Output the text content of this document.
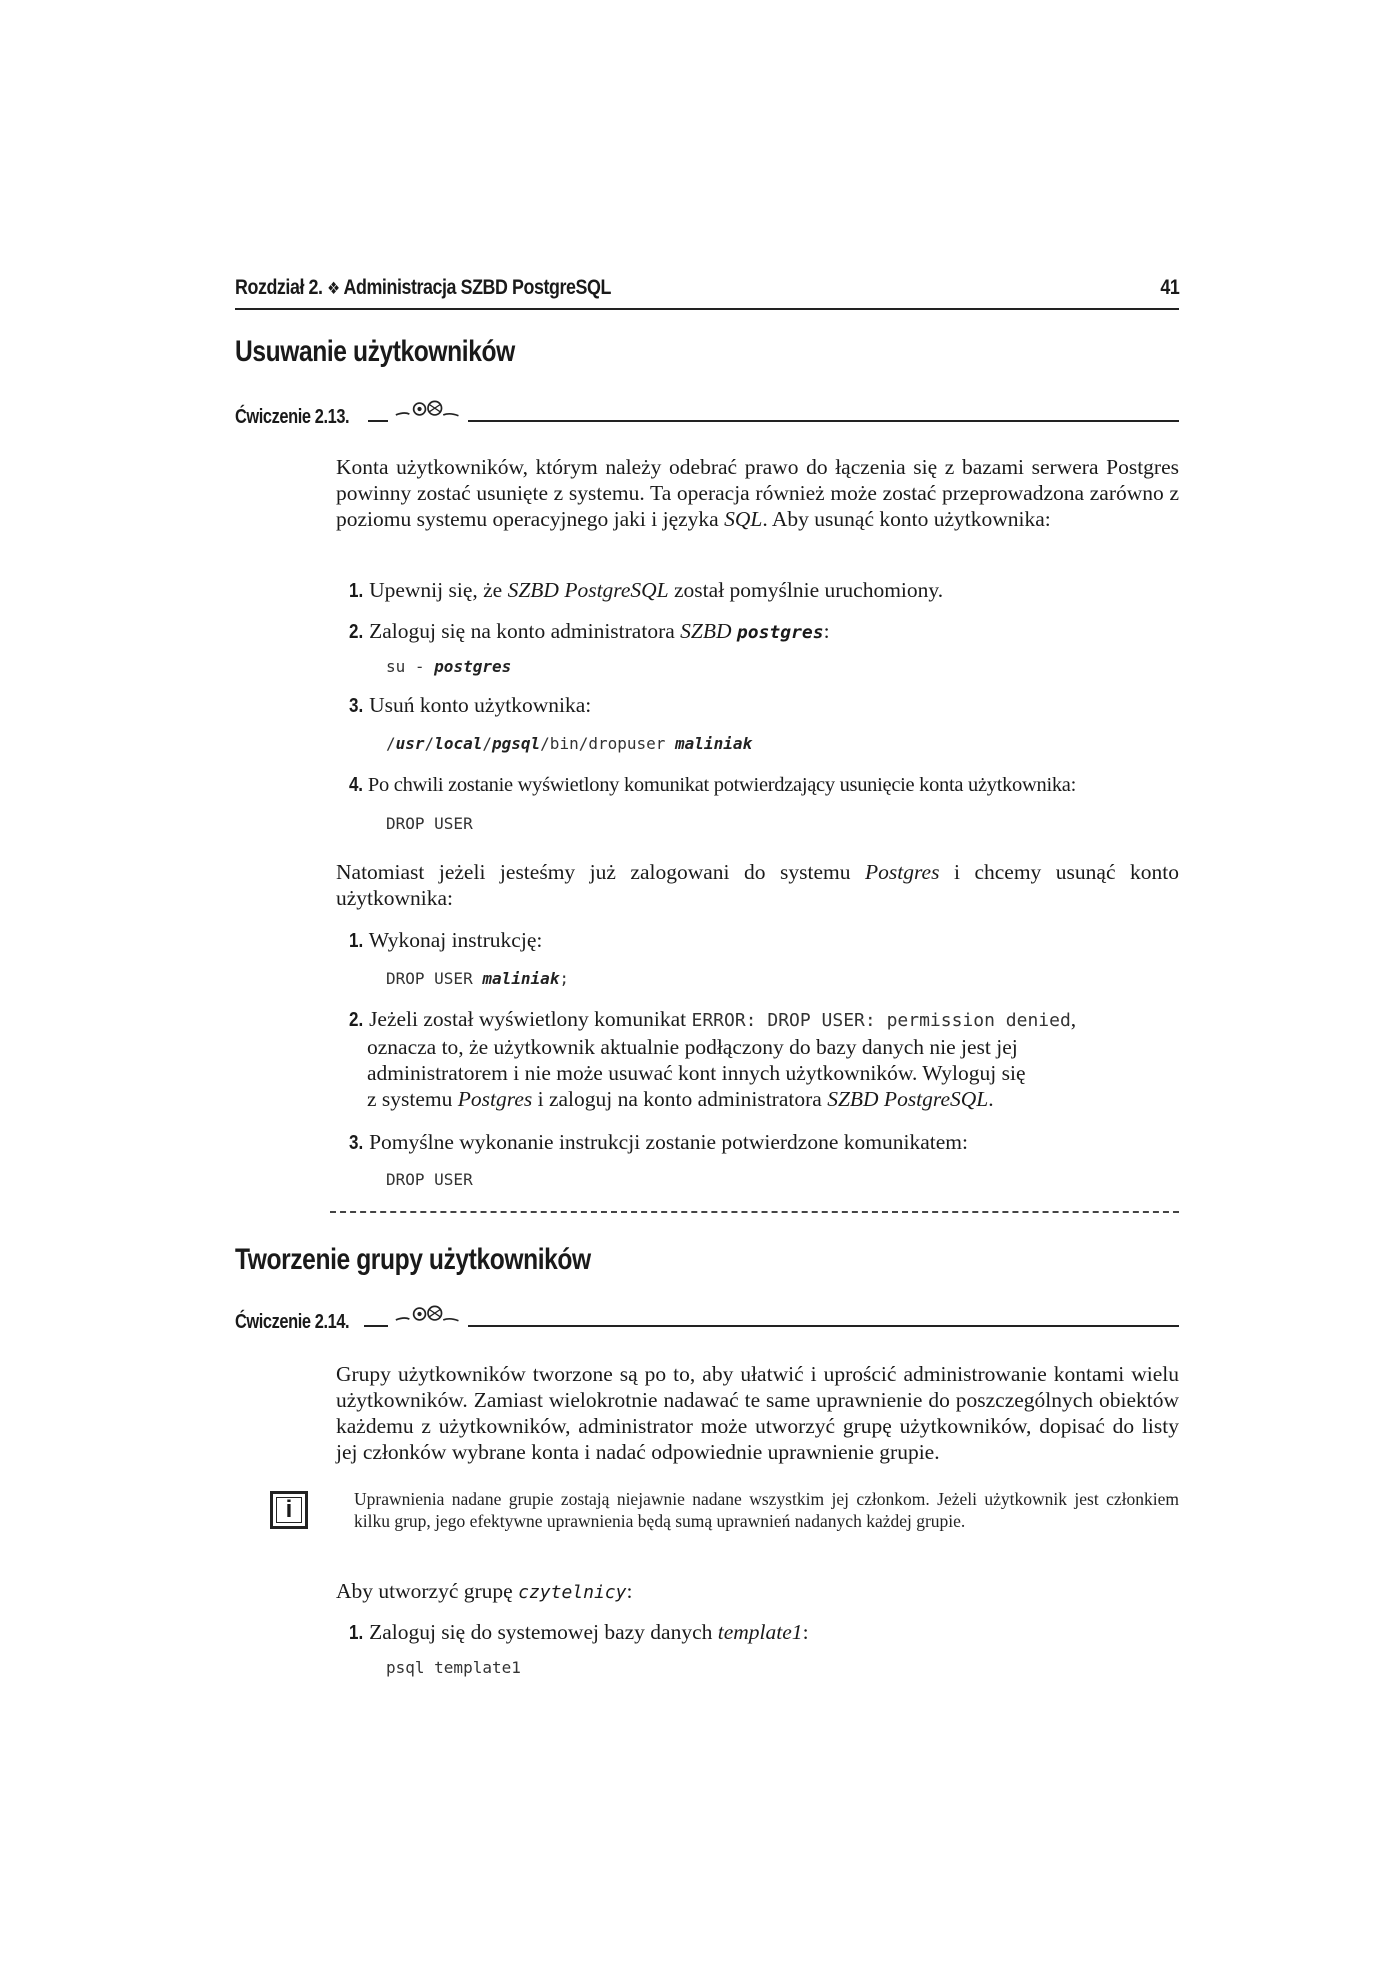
Rozdział 2. ❖ Administracja SZBD PostgreSQL	41
Usuwanie użytkowników
Ćwiczenie 2.13.
Konta użytkowników, którym należy odebrać prawo do łączenia się z bazami serwera Postgres powinny zostać usunięte z systemu. Ta operacja również może zostać przeprowadzona zarówno z poziomu systemu operacyjnego jaki i języka SQL. Aby usunąć konto użytkownika:
1. Upewnij się, że SZBD PostgreSQL został pomyślnie uruchomiony.
2. Zaloguj się na konto administratora SZBD postgres:
su - postgres
3. Usuń konto użytkownika:
/usr/local/pgsql/bin/dropuser maliniak
4. Po chwili zostanie wyświetlony komunikat potwierdzający usunięcie konta użytkownika:
DROP USER
Natomiast jeżeli jesteśmy już zalogowani do systemu Postgres i chcemy usunąć konto użytkownika:
1. Wykonaj instrukcję:
DROP USER maliniak;
2. Jeżeli został wyświetlony komunikat ERROR: DROP USER: permission denied,
oznacza to, że użytkownik aktualnie podłączony do bazy danych nie jest jej
administratorem i nie może usuwać kont innych użytkowników. Wyloguj się
z systemu Postgres i zaloguj na konto administratora SZBD PostgreSQL.
3. Pomyślne wykonanie instrukcji zostanie potwierdzone komunikatem:
DROP USER
Tworzenie grupy użytkowników
Ćwiczenie 2.14.
Grupy użytkowników tworzone są po to, aby ułatwić i uprościć administrowanie kontami wielu użytkowników. Zamiast wielokrotnie nadawać te same uprawnienie do poszczególnych obiektów każdemu z użytkowników, administrator może utworzyć grupę użytkowników, dopisać do listy jej członków wybrane konta i nadać odpowiednie uprawnienie grupie.
i	Uprawnienia nadane grupie zostają niejawnie nadane wszystkim jej członkom. Jeżeli użytkownik jest członkiem kilku grup, jego efektywne uprawnienia będą sumą uprawnień nadanych każdej grupie.
Aby utworzyć grupę czytelnicy:
1. Zaloguj się do systemowej bazy danych template1:
psql template1
